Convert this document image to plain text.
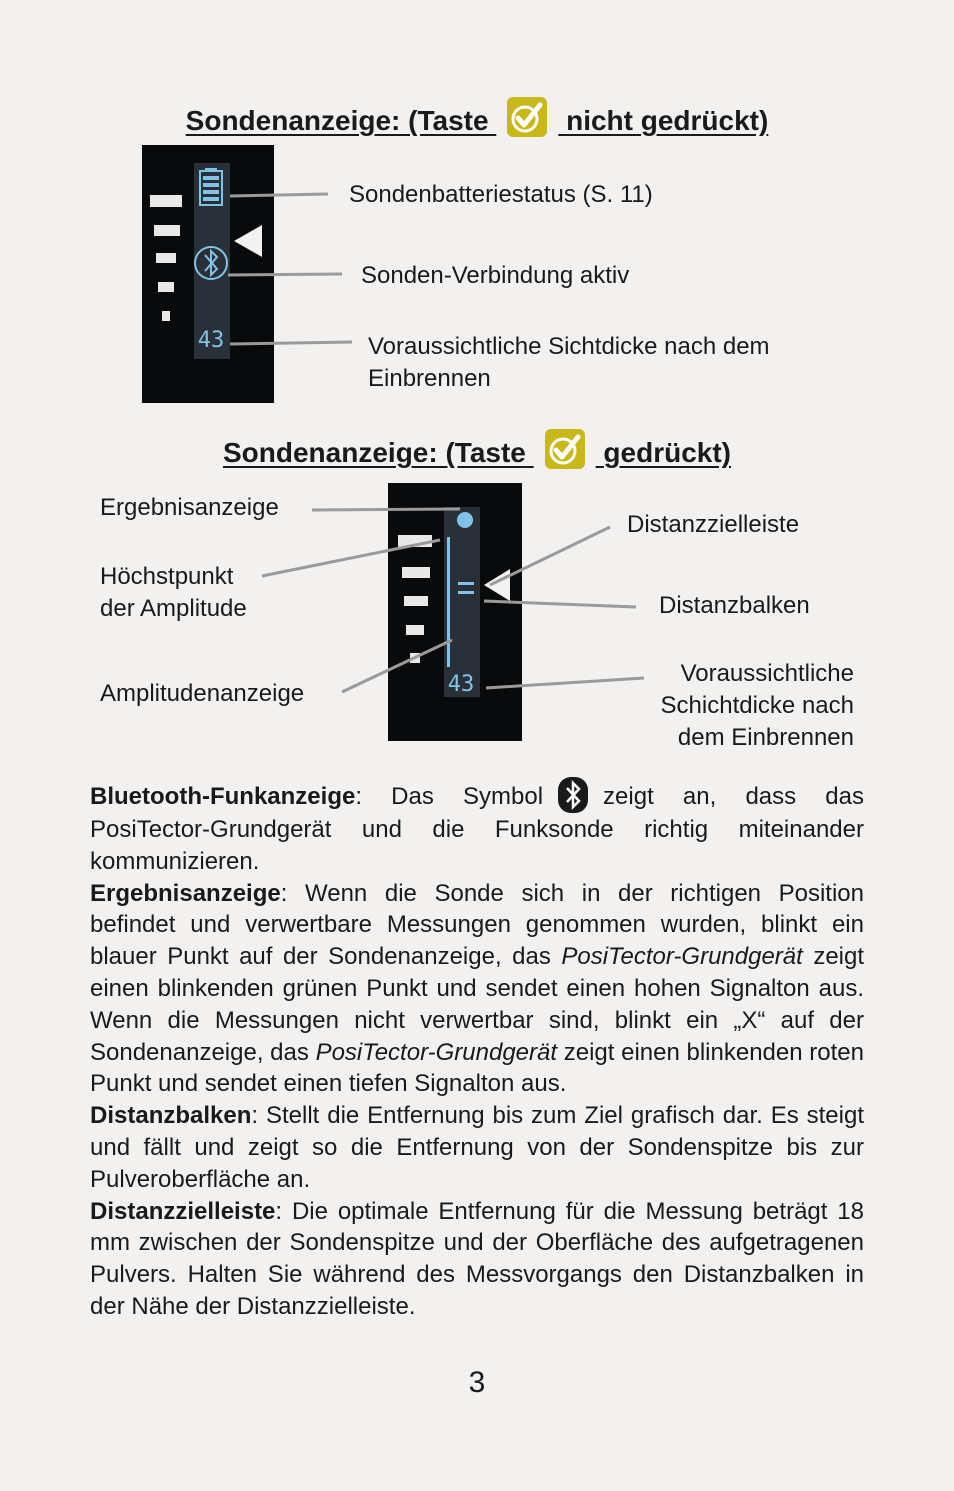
Sondenanzeige: (Taste	nicht gedrückt)
43
Sondenbatteriestatus (S. 11)
Sonden-Verbindung aktiv
Voraussichtliche Sichtdicke nach dem
Einbrennen
Sondenanzeige: (Taste	gedrückt)
43
Ergebnisanzeige
Höchstpunkt
der Amplitude
Amplitudenanzeige
Distanzzielleiste
Distanzbalken
Voraussichtliche
Schichtdicke nach
dem Einbrennen

Bluetooth-Funkanzeige: Das Symbol	zeigt an, dass das PosiTector-Grundgerät und die Funksonde richtig miteinander kommunizieren.

Ergebnisanzeige: Wenn die Sonde sich in der richtigen Position befindet und verwertbare Messungen genommen wurden, blinkt ein blauer Punkt auf der Sondenanzeige, das PosiTector-Grundgerät zeigt einen blinkenden grünen Punkt und sendet einen hohen Signalton aus. Wenn die Messungen nicht verwertbar sind, blinkt ein „X“ auf der Sondenanzeige, das PosiTector-Grundgerät zeigt einen blinkenden roten Punkt und sendet einen tiefen Signalton aus.

Distanzbalken: Stellt die Entfernung bis zum Ziel grafisch dar. Es steigt und fällt und zeigt so die Entfernung von der Sondenspitze bis zur Pulveroberfläche an.

Distanzzielleiste: Die optimale Entfernung für die Messung beträgt 18 mm zwischen der Sondenspitze und der Oberfläche des aufgetragenen Pulvers. Halten Sie während des Messvorgangs den Distanzbalken in der Nähe der Distanzzielleiste.

3
